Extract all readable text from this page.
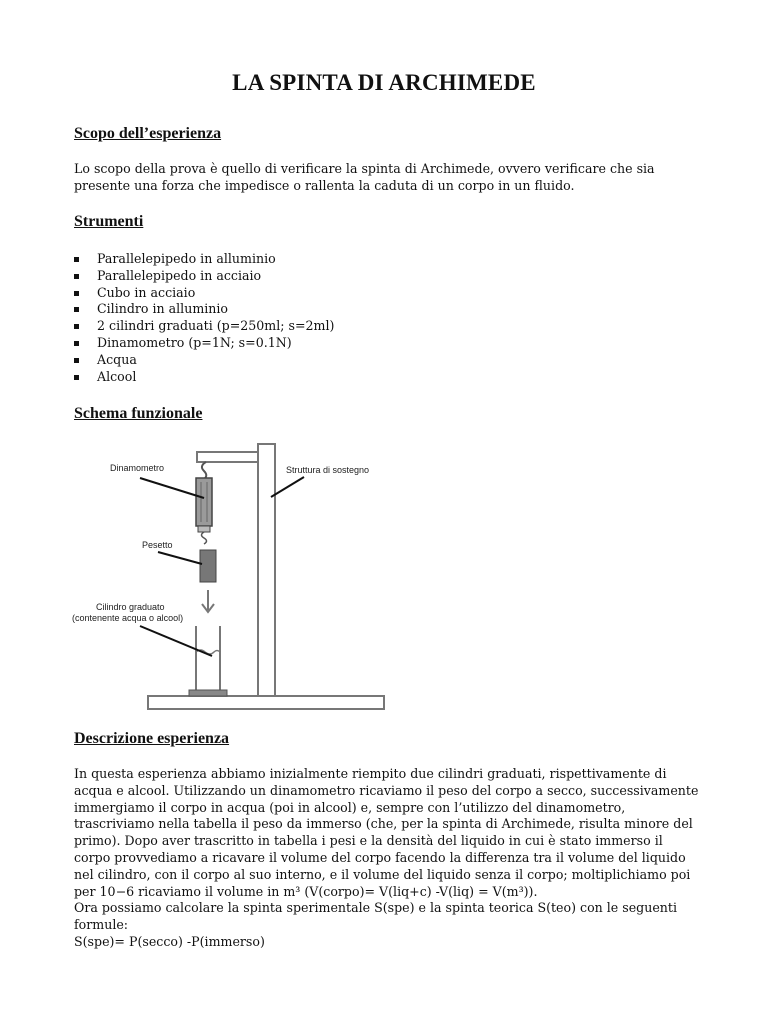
LA SPINTA DI ARCHIMEDE
Scopo dell’esperienza

Lo scopo della prova è quello di verificare la spinta di Archimede, ovvero verificare che sia presente una forza che impedisce o rallenta la caduta di un corpo in un fluido.

Strumenti
Parallelepipedo in alluminio
Parallelepipedo in acciaio
Cubo in acciaio
Cilindro in alluminio
2 cilindri graduati (p=250ml; s=2ml)
Dinamometro (p=1N; s=0.1N)
Acqua
Alcool
Schema funzionale
Dinamometro	Struttura di sostegno
Pesetto
Cilindro graduato
(contenente acqua o alcool)
Descrizione esperienza

In questa esperienza abbiamo inizialmente riempito due cilindri graduati, rispettivamente di acqua e alcool. Utilizzando un dinamometro ricaviamo il peso del corpo a secco, successivamente immergiamo il corpo in acqua (poi in alcool) e, sempre con l’utilizzo del dinamometro, trascriviamo nella tabella il peso da immerso (che, per la spinta di Archimede, risulta minore del primo). Dopo aver trascritto in tabella i pesi e la densità del liquido in cui è stato immerso il corpo provvediamo a ricavare il volume del corpo facendo la differenza tra il volume del liquido nel cilindro, con il corpo al suo interno, e il volume del liquido senza il corpo; moltiplichiamo poi per 10−6 ricaviamo il volume in m³ (V(corpo)= V(liq+c) -V(liq) = V(m³)).

Ora possiamo calcolare la spinta sperimentale S(spe) e la spinta teorica S(teo) con le seguenti formule:

S(spe)= P(secco) -P(immerso)
